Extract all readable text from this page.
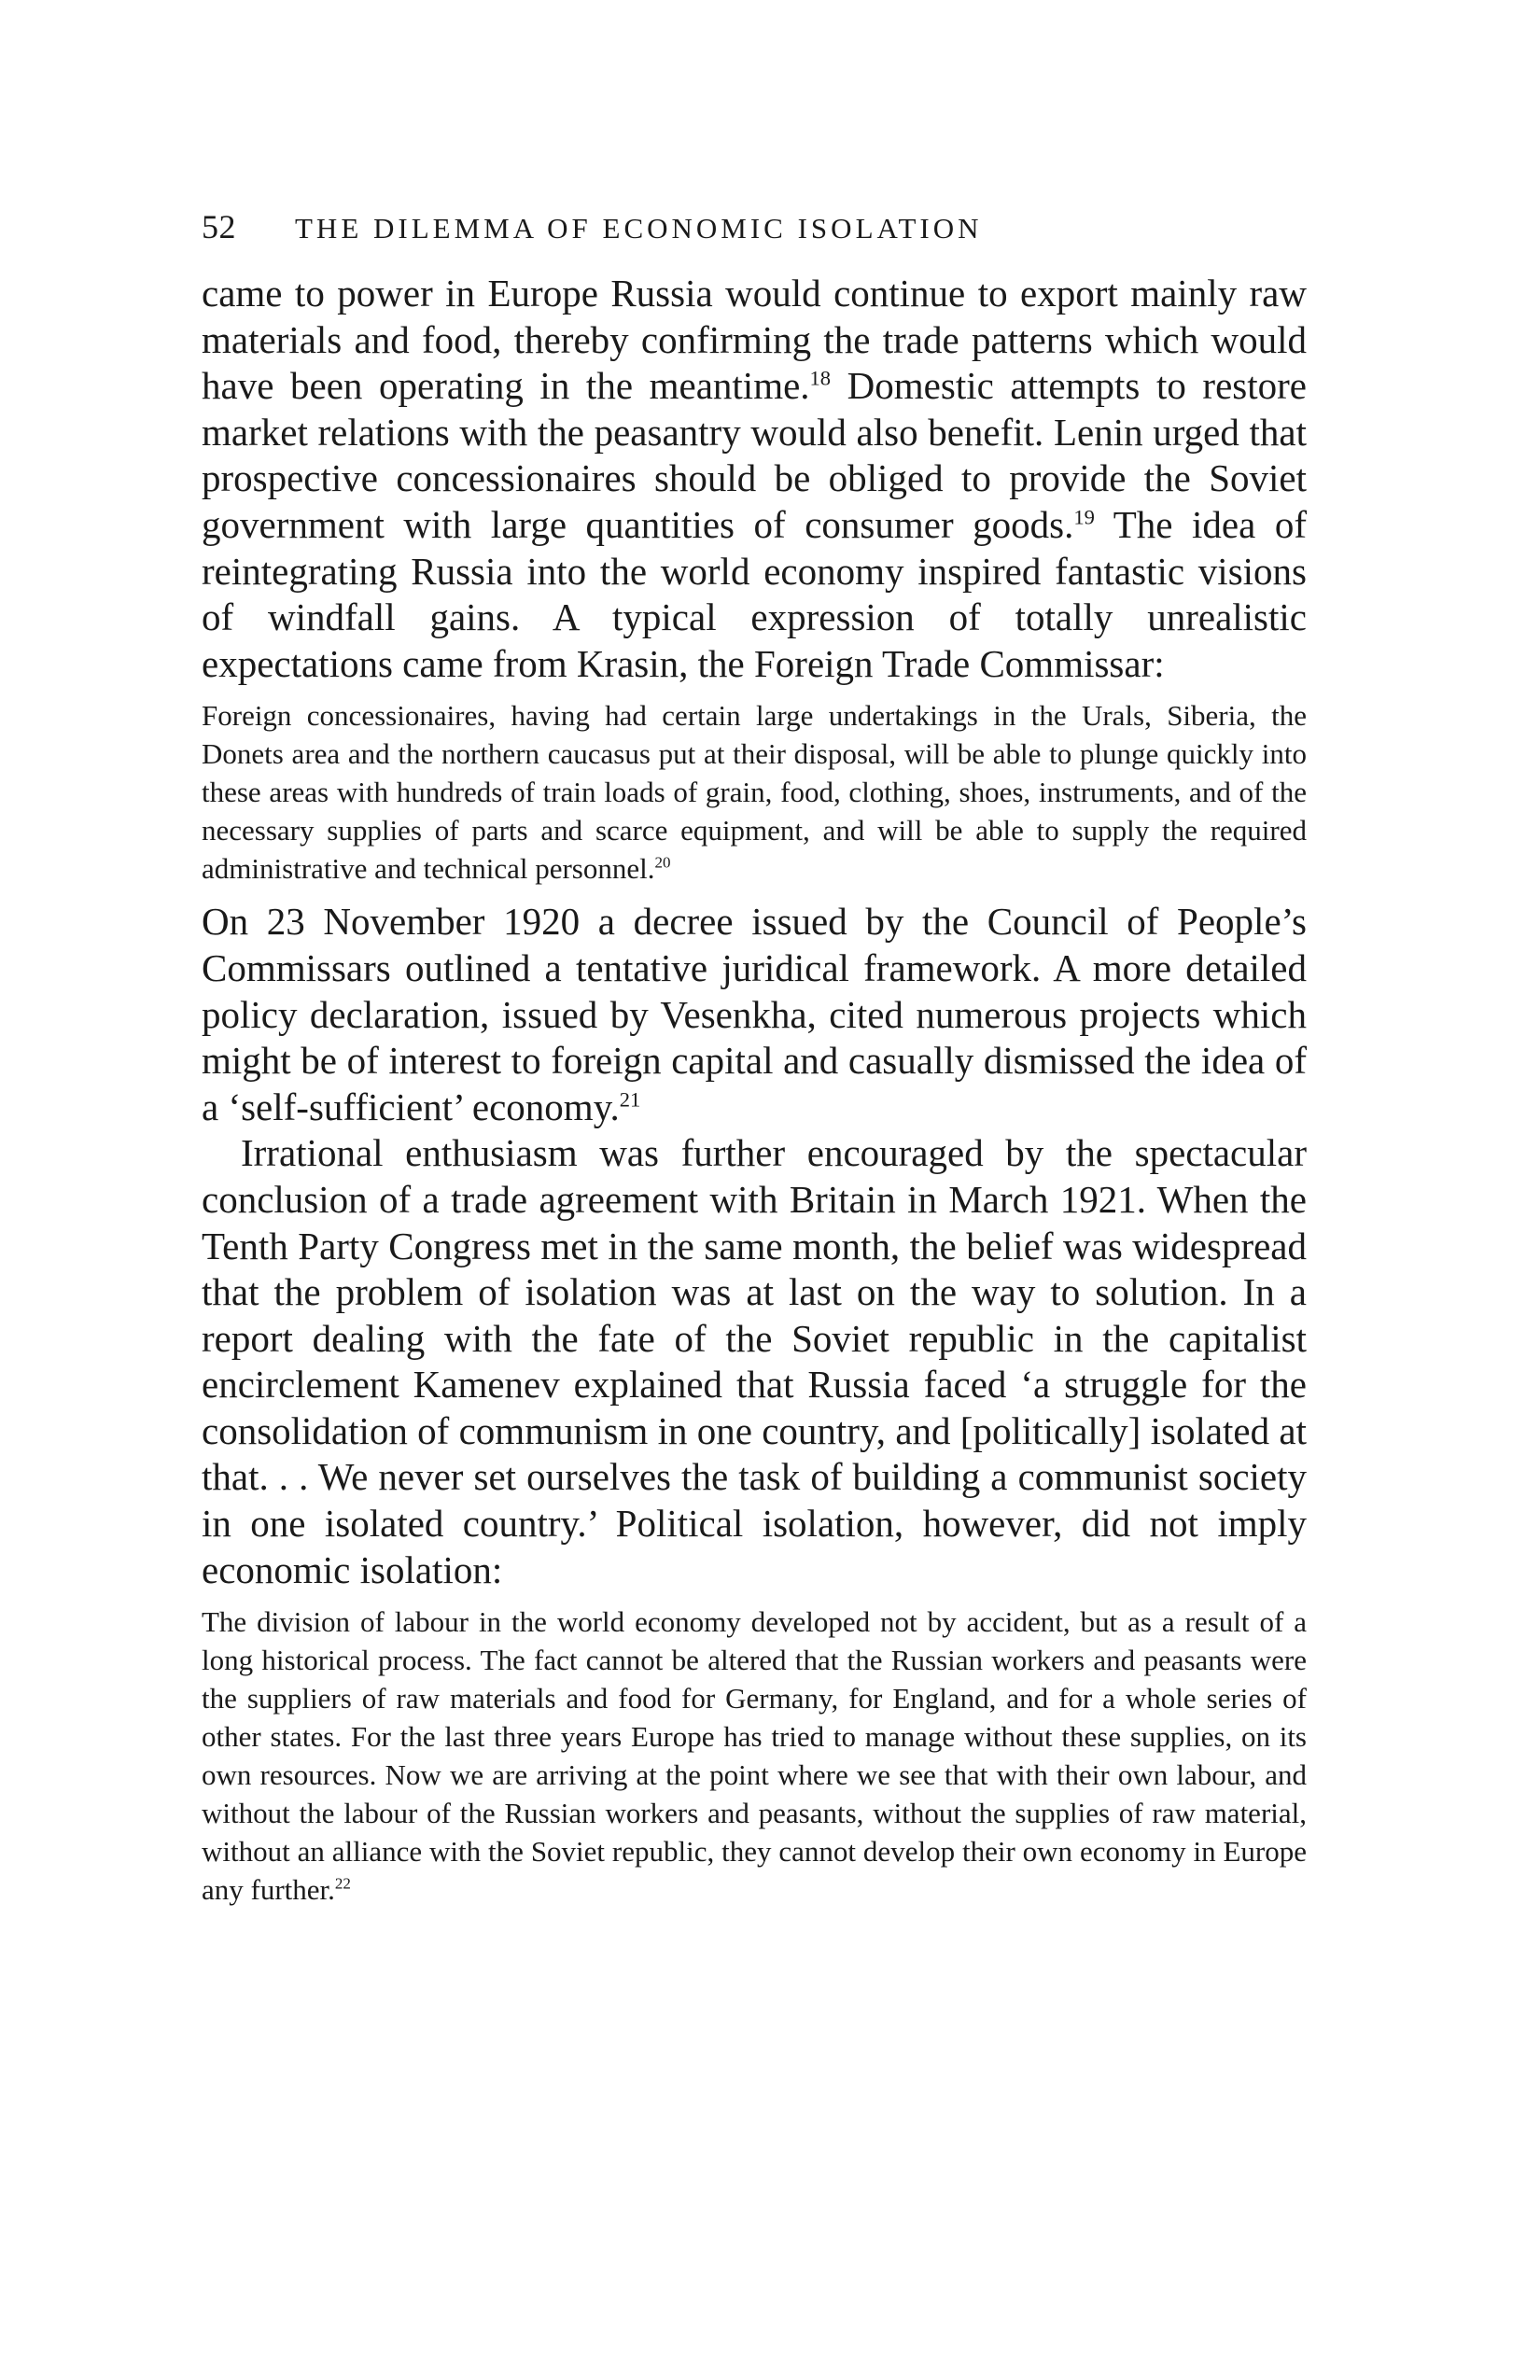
52	THE DILEMMA OF ECONOMIC ISOLATION

came to power in Europe Russia would continue to export mainly raw materials and food, thereby confirming the trade patterns which would have been operating in the meantime.$^{18}$ Domestic attempts to restore market relations with the peasantry would also benefit. Lenin urged that prospective concessionaires should be obliged to provide the Soviet government with large quantities of consumer goods.$^{19}$ The idea of reintegrating Russia into the world economy inspired fantastic visions of windfall gains. A typical expression of totally unrealistic expectations came from Krasin, the Foreign Trade Commissar:

Foreign concessionaires, having had certain large undertakings in the Urals, Siberia, the Donets area and the northern caucasus put at their disposal, will be able to plunge quickly into these areas with hundreds of train loads of grain, food, clothing, shoes, instruments, and of the necessary supplies of parts and scarce equipment, and will be able to supply the required administrative and technical personnel.$^{20}$

On 23 November 1920 a decree issued by the Council of People’s Commissars outlined a tentative juridical framework. A more detailed policy declaration, issued by Vesenkha, cited numerous projects which might be of interest to foreign capital and casually dismissed the idea of a ‘self-sufficient’ economy.$^{21}$

Irrational enthusiasm was further encouraged by the spectacular conclusion of a trade agreement with Britain in March 1921. When the Tenth Party Congress met in the same month, the belief was widespread that the problem of isolation was at last on the way to solution. In a report dealing with the fate of the Soviet republic in the capitalist encirclement Kamenev explained that Russia faced ‘a struggle for the consolidation of communism in one country, and [politically] isolated at that. . . We never set ourselves the task of building a communist society in one isolated country.’ Political isolation, however, did not imply economic isolation:

The division of labour in the world economy developed not by accident, but as a result of a long historical process. The fact cannot be altered that the Russian workers and peasants were the suppliers of raw materials and food for Germany, for England, and for a whole series of other states. For the last three years Europe has tried to manage without these supplies, on its own resources. Now we are arriving at the point where we see that with their own labour, and without the labour of the Russian workers and peasants, without the supplies of raw material, without an alliance with the Soviet republic, they cannot develop their own economy in Europe any further.$^{22}$
